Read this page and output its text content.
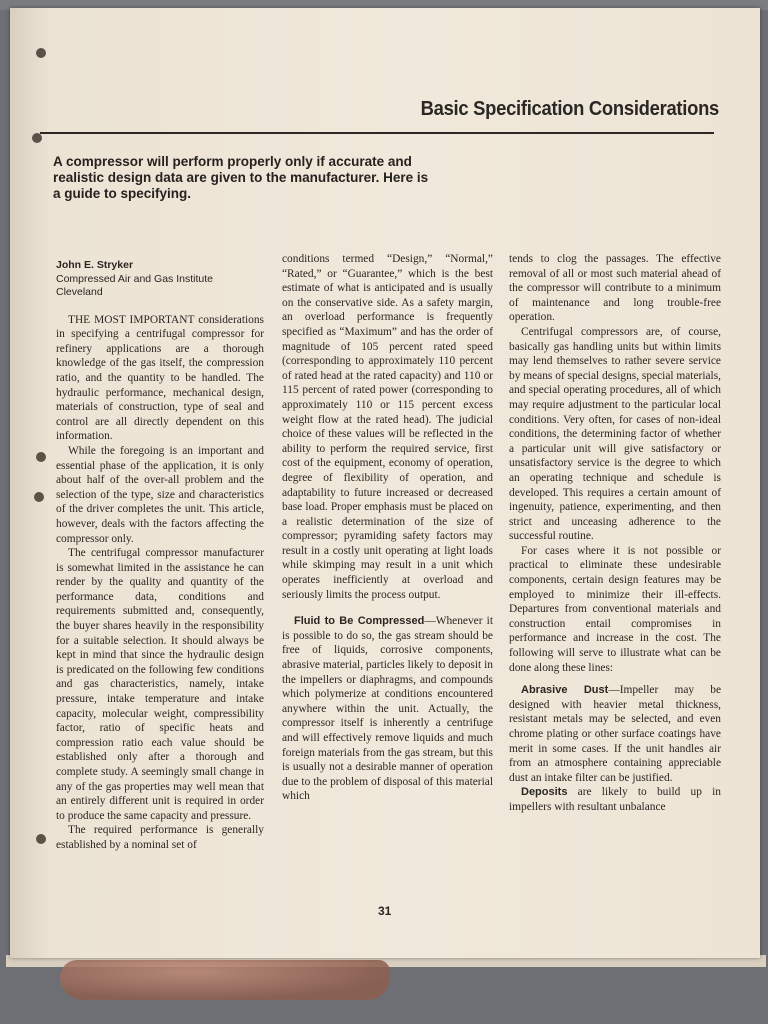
Basic Specification Considerations
A compressor will perform properly only if accurate and realistic design data are given to the manufacturer. Here is a guide to specifying.
John E. Stryker
Compressed Air and Gas Institute
Cleveland

THE MOST IMPORTANT considerations in specifying a centrifugal compressor for refinery applications are a thorough knowledge of the gas itself, the compression ratio, and the quantity to be handled. The hydraulic performance, mechanical design, materials of construction, type of seal and control are all directly dependent on this information.

While the foregoing is an important and essential phase of the application, it is only about half of the over-all problem and the selection of the type, size and characteristics of the driver completes the unit. This article, however, deals with the factors affecting the compressor only.

The centrifugal compressor manufacturer is somewhat limited in the assistance he can render by the quality and quantity of the performance data, conditions and requirements submitted and, consequently, the buyer shares heavily in the responsibility for a suitable selection. It should always be kept in mind that since the hydraulic design is predicated on the following few conditions and gas characteristics, namely, intake pressure, intake temperature and intake capacity, molecular weight, compressibility factor, ratio of specific heats and compression ratio each value should be established only after a thorough and complete study. A seemingly small change in any of the gas properties may well mean that an entirely different unit is required in order to produce the same capacity and pressure.

The required performance is generally established by a nominal set of

conditions termed “Design,” “Normal,” “Rated,” or “Guarantee,” which is the best estimate of what is anticipated and is usually on the conservative side. As a safety margin, an overload performance is frequently specified as “Maximum” and has the order of magnitude of 105 percent rated speed (corresponding to approximately 110 percent of rated head at the rated capacity) and 110 or 115 percent of rated power (corresponding to approximately 110 or 115 percent excess weight flow at the rated head). The judicial choice of these values will be reflected in the ability to perform the required service, first cost of the equipment, economy of operation, degree of flexibility of operation, and adaptability to future increased or decreased base load. Proper emphasis must be placed on a realistic determination of the size of compressor; pyramiding safety factors may result in a costly unit operating at light loads while skimping may result in a unit which operates inefficiently at overload and seriously limits the process output.

Fluid to Be Compressed—Whenever it is possible to do so, the gas stream should be free of liquids, corrosive components, abrasive material, particles likely to deposit in the impellers or diaphragms, and compounds which polymerize at conditions encountered anywhere within the unit. Actually, the compressor itself is inherently a centrifuge and will effectively remove liquids and much foreign materials from the gas stream, but this is usually not a desirable manner of operation due to the problem of disposal of this material which

tends to clog the passages. The effective removal of all or most such material ahead of the compressor will contribute to a minimum of maintenance and long trouble-free operation.

Centrifugal compressors are, of course, basically gas handling units but within limits may lend themselves to rather severe service by means of special designs, special materials, and special operating procedures, all of which may require adjustment to the particular local conditions. Very often, for cases of non-ideal conditions, the determining factor of whether a particular unit will give satisfactory or unsatisfactory service is the degree to which an operating technique and schedule is developed. This requires a certain amount of ingenuity, patience, experimenting, and then strict and unceasing adherence to the successful routine.

For cases where it is not possible or practical to eliminate these undesirable components, certain design features may be employed to minimize their ill-effects. Departures from conventional materials and construction entail compromises in performance and increase in the cost. The following will serve to illustrate what can be done along these lines:

Abrasive Dust—Impeller may be designed with heavier metal thickness, resistant metals may be selected, and even chrome plating or other surface coatings have merit in some cases. If the unit handles air from an atmosphere containing appreciable dust an intake filter can be justified.

Deposits are likely to build up in impellers with resultant unbalance

31
